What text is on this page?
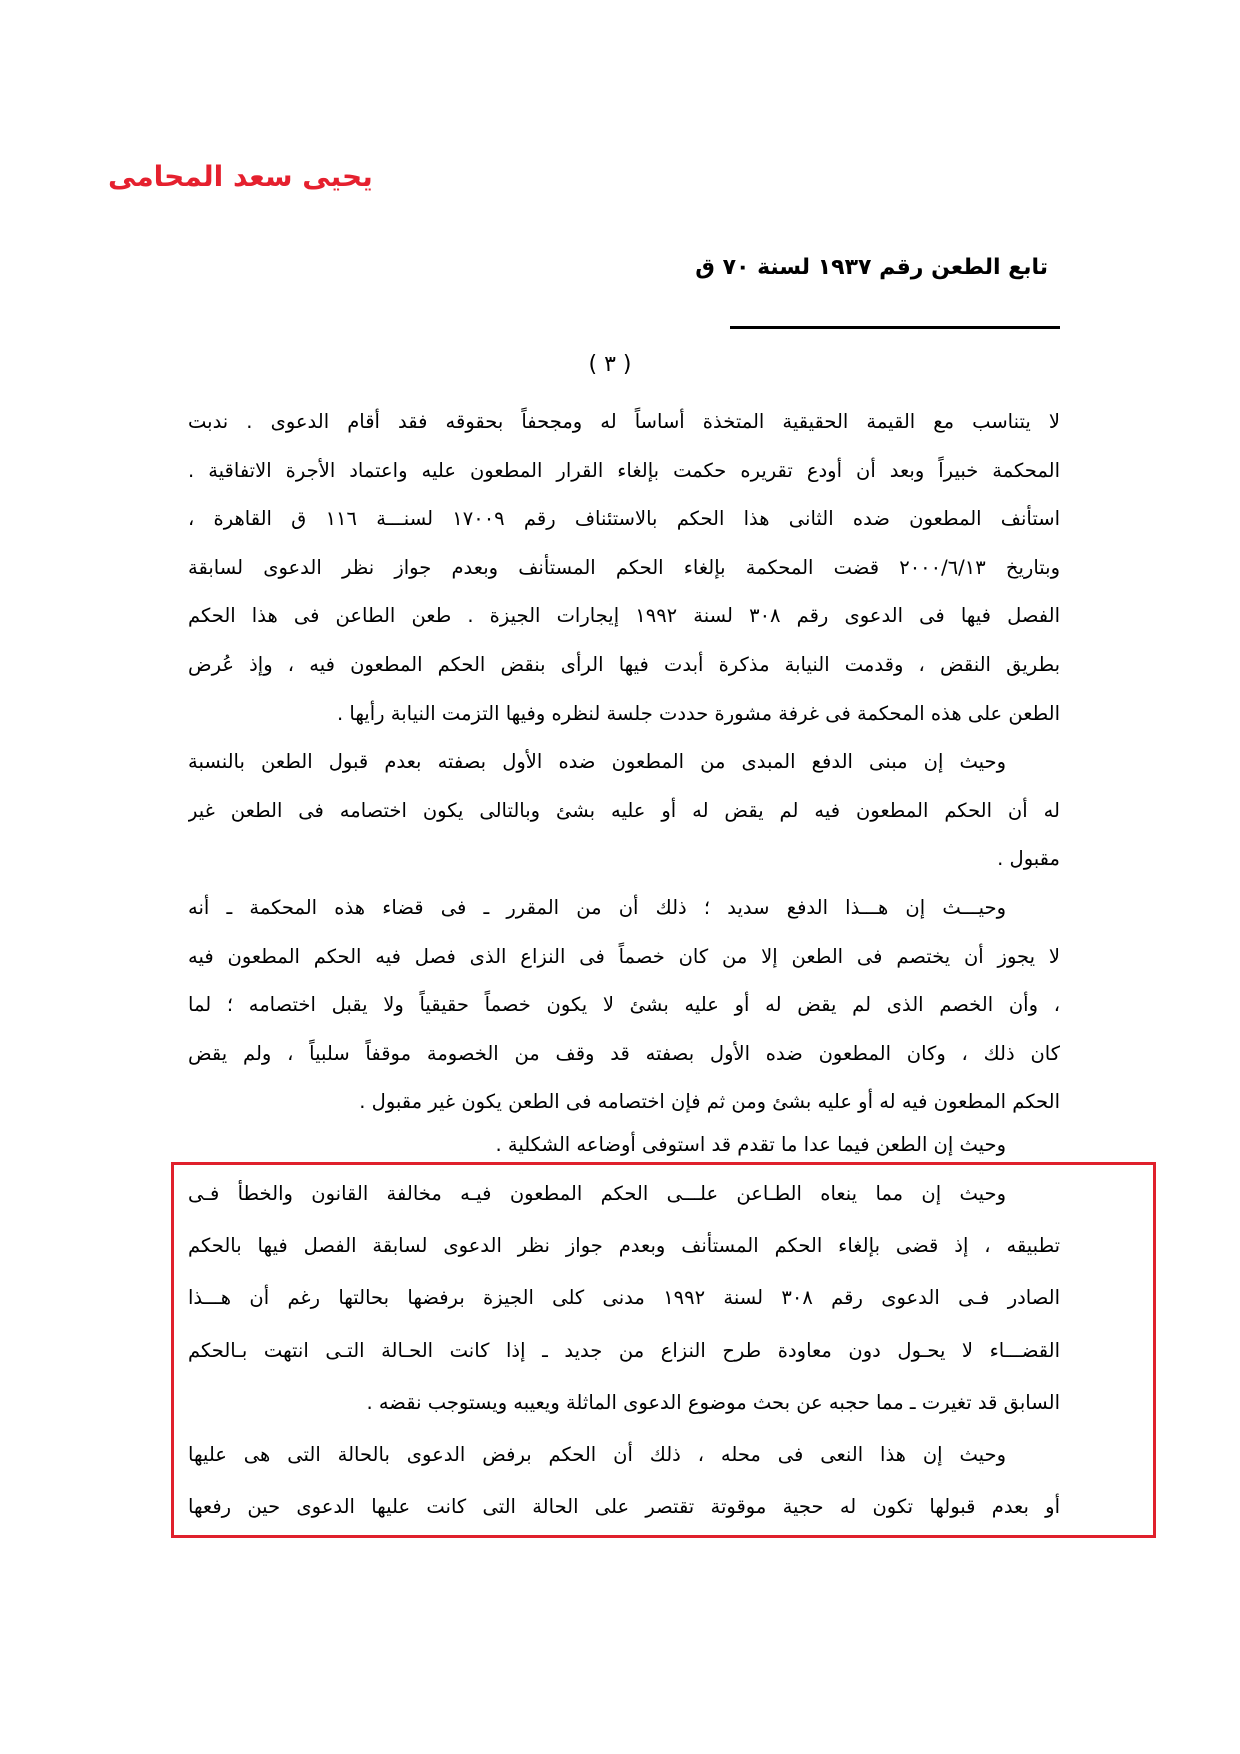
يحيى سعد المحامى
تابع الطعن رقم ١٩٣٧ لسنة ٧٠ ق
( ٣ )
لا يتناسب مع القيمة الحقيقية المتخذة أساساً له ومجحفاً بحقوقه فقد أقام الدعوى . ندبت
المحكمة خبيراً وبعد أن أودع تقريره حكمت بإلغاء القرار المطعون عليه واعتماد الأجرة الاتفاقية .
استأنف المطعون ضده الثانى هذا الحكم بالاستئناف رقم ١٧٠٠٩ لسنـــة ١١٦ ق القاهرة ،
وبتاريخ ٢٠٠٠/٦/١٣ قضت المحكمة بإلغاء الحكم المستأنف وبعدم جواز نظر الدعوى لسابقة
الفصل فيها فى الدعوى رقم ٣٠٨ لسنة ١٩٩٢ إيجارات الجيزة . طعن الطاعن فى هذا الحكم
بطريق النقض ، وقدمت النيابة مذكرة أبدت فيها الرأى بنقض الحكم المطعون فيه ، وإذ عُرض
الطعن على هذه المحكمة فى غرفة مشورة حددت جلسة لنظره وفيها التزمت النيابة رأيها .
وحيث إن مبنى الدفع المبدى من المطعون ضده الأول بصفته بعدم قبول الطعن بالنسبة
له أن الحكم المطعون فيه لم يقض له أو عليه بشئ وبالتالى يكون اختصامه فى الطعن غير
مقبول .
وحيـــث إن هـــذا الدفع سديد ؛ ذلك أن من المقرر ـ فى قضاء هذه المحكمة ـ أنه
لا يجوز أن يختصم فى الطعن إلا من كان خصماً فى النزاع الذى فصل فيه الحكم المطعون فيه
، وأن الخصم الذى لم يقض له أو عليه بشئ لا يكون خصماً حقيقياً ولا يقبل اختصامه ؛ لما
كان ذلك ، وكان المطعون ضده الأول بصفته قد وقف من الخصومة موقفاً سلبياً ، ولم يقض
الحكم المطعون فيه له أو عليه بشئ ومن ثم فإن اختصامه فى الطعن يكون غير مقبول .
وحيث إن الطعن فيما عدا ما تقدم قد استوفى أوضاعه الشكلية .
وحيث إن مما ينعاه الطـاعن علـــى الحكم المطعون فيـه مخالفة القانون والخطأ فـى
تطبيقه ، إذ قضى بإلغاء الحكم المستأنف وبعدم جواز نظر الدعوى لسابقة الفصل فيها بالحكم
الصادر فـى الدعوى رقم ٣٠٨ لسنة ١٩٩٢ مدنى كلى الجيزة برفضها بحالتها رغم أن هـــذا
القضـــاء لا يحـول دون معاودة طرح النزاع من جديد ـ إذا كانت الحـالة التـى انتهت بـالحكم
السابق قد تغيرت ـ مما حجبه عن بحث موضوع الدعوى الماثلة ويعيبه ويستوجب نقضه .
وحيث إن هذا النعى فى محله ، ذلك أن الحكم برفض الدعوى بالحالة التى هى عليها
أو بعدم قبولها تكون له حجية موقوتة تقتصر على الحالة التى كانت عليها الدعوى حين رفعها
